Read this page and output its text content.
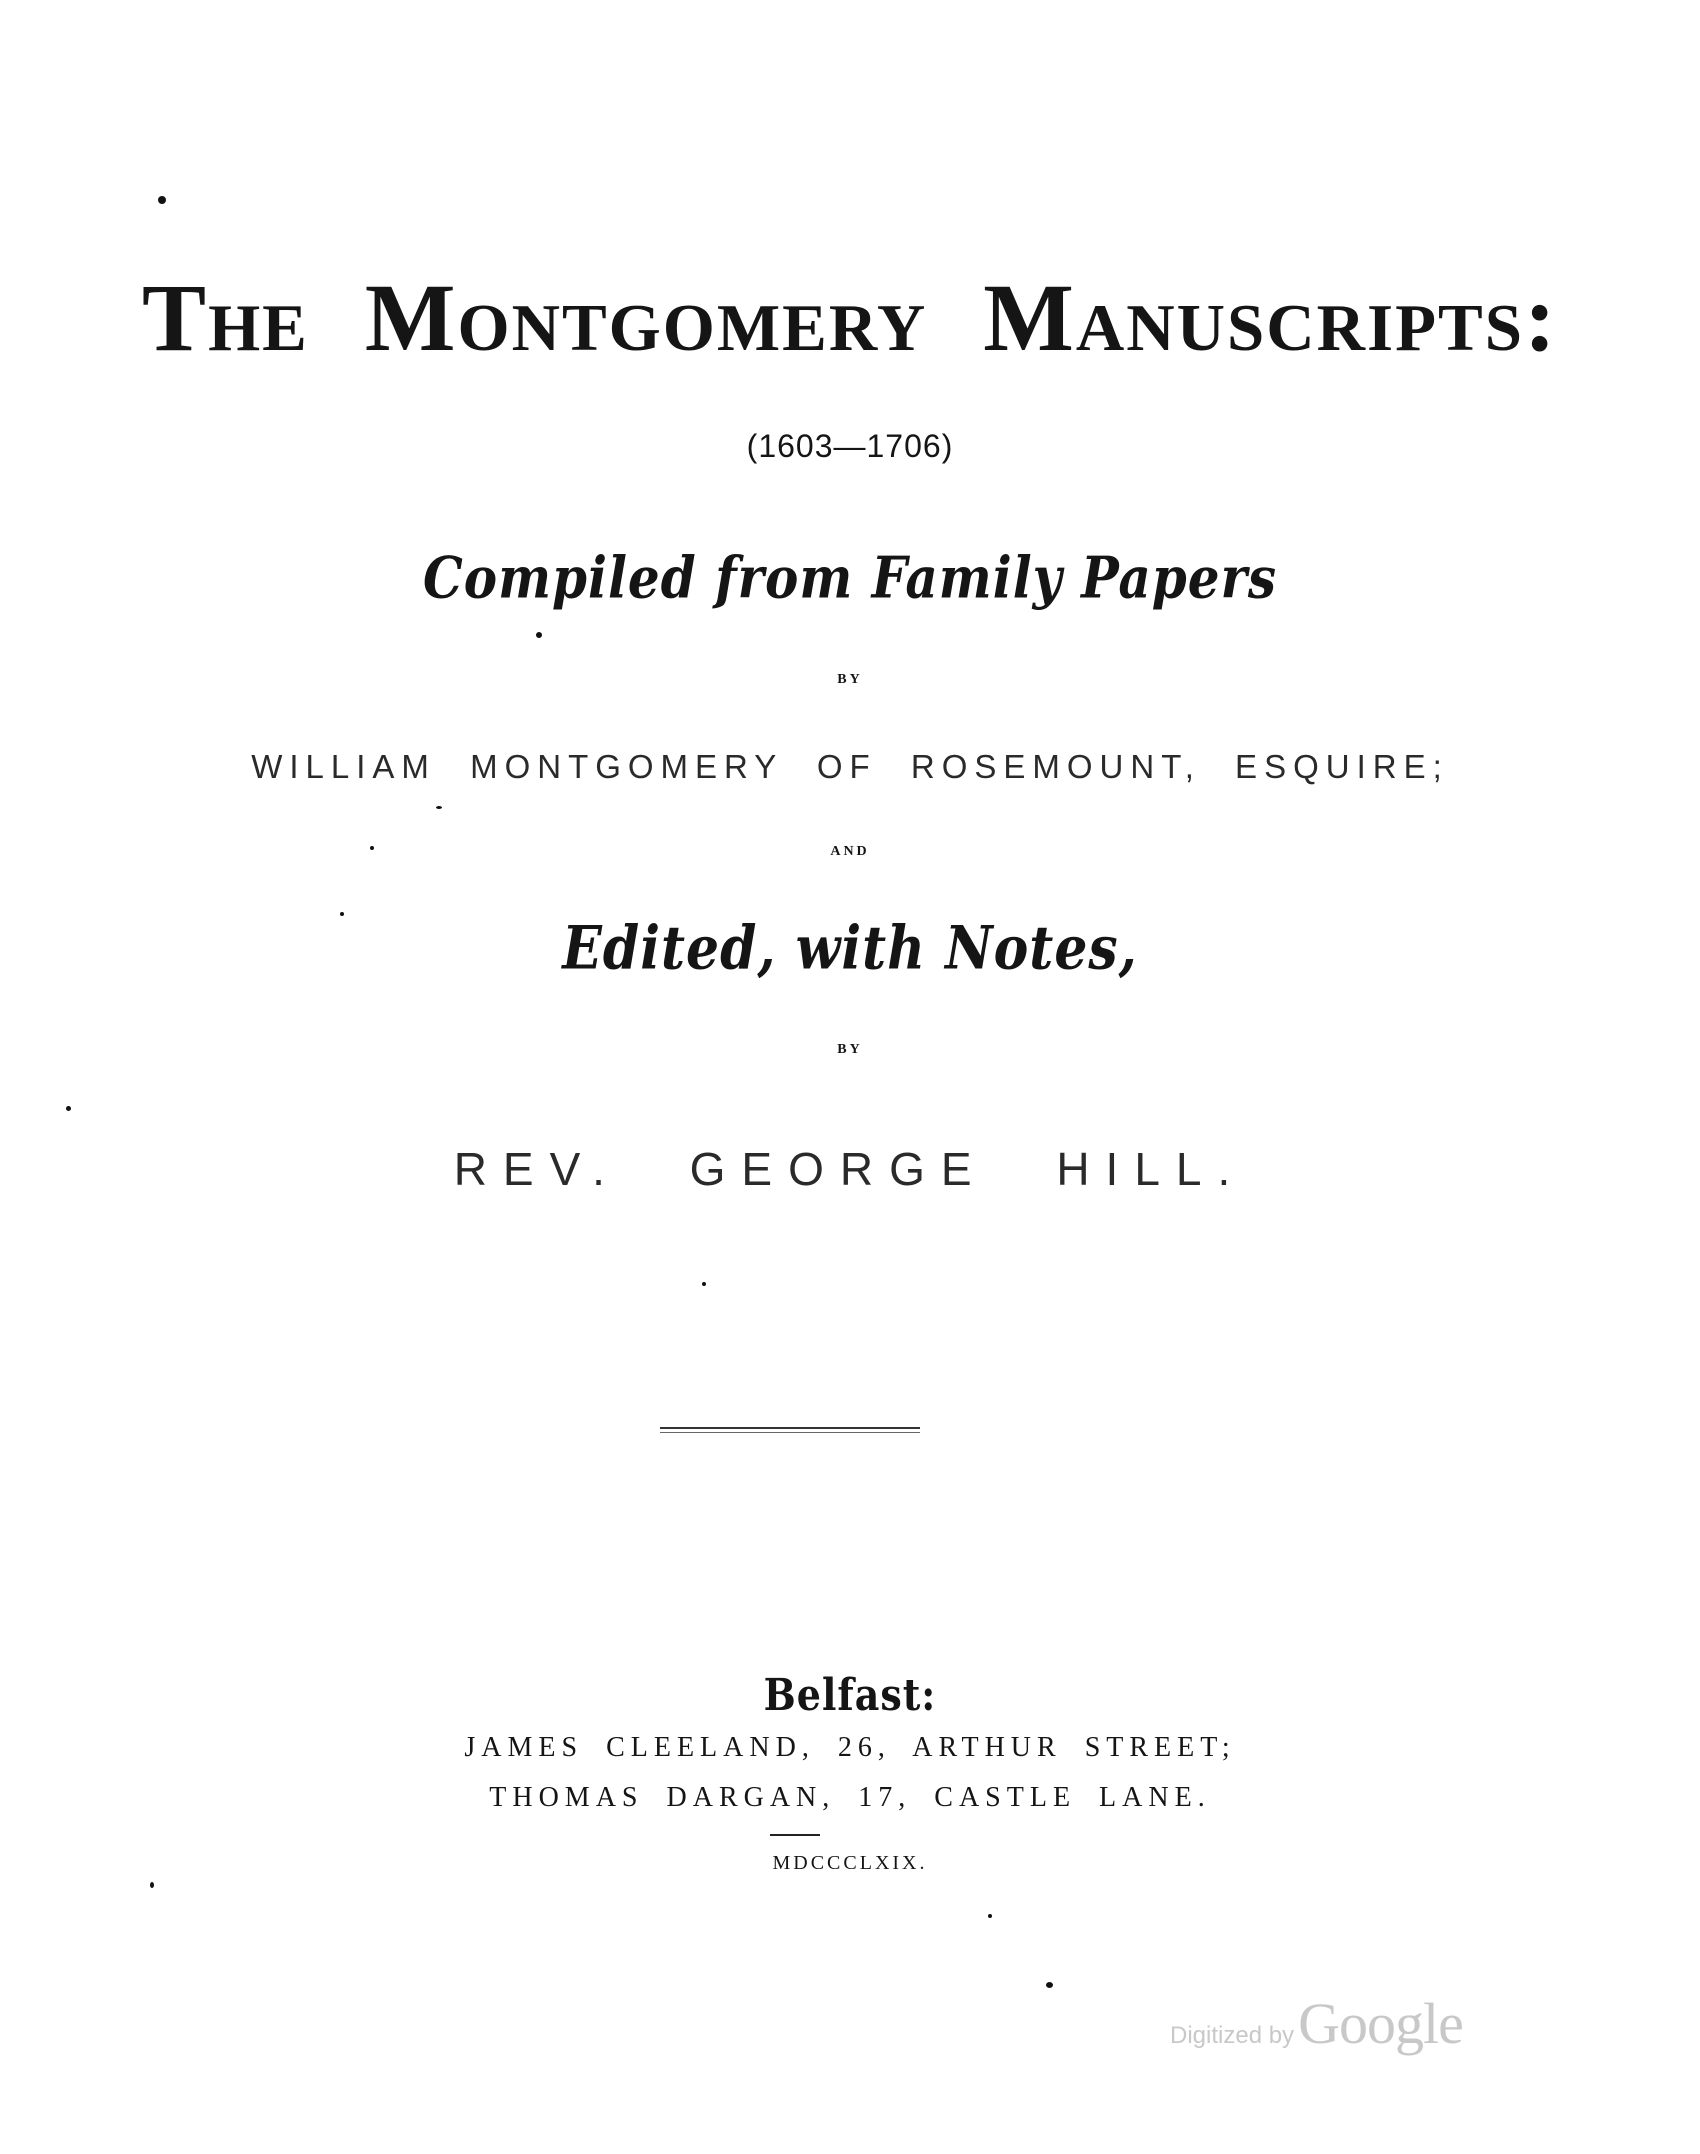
The Montgomery Manuscripts:
(1603—1706)
Compiled from Family Papers
BY
WILLIAM MONTGOMERY OF ROSEMOUNT, ESQUIRE;
AND
Edited, with Notes,
BY
REV. GEORGE HILL.
Belfast:
JAMES CLEELAND, 26, ARTHUR STREET;
THOMAS DARGAN, 17, CASTLE LANE.
MDCCCLXIX.
Digitized by Google
